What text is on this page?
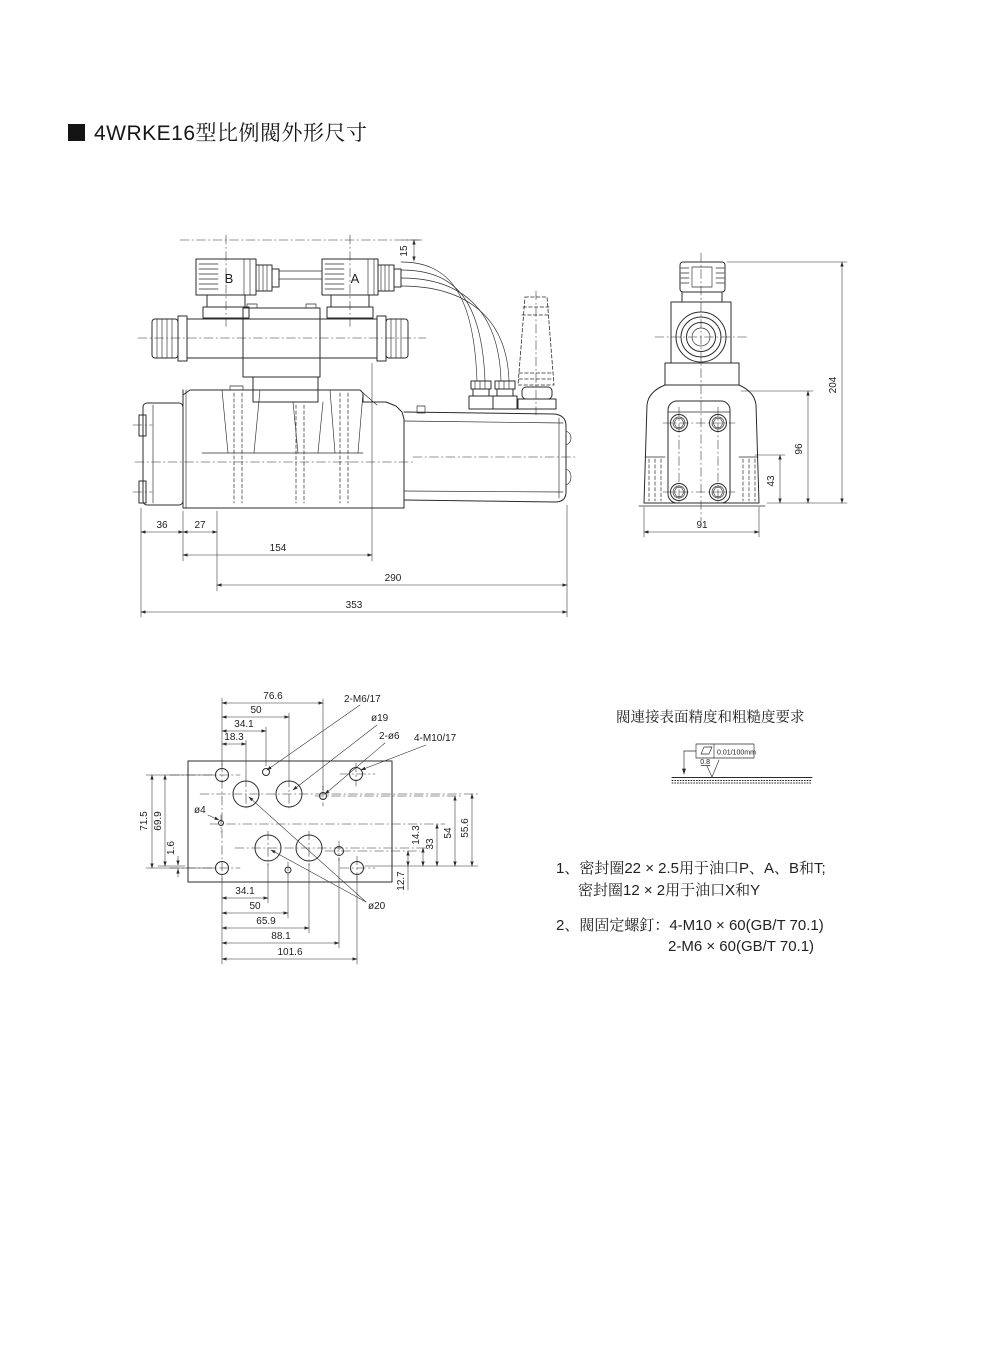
4WRKE16型比例閥外形尺寸
15
B	A
36	27
154
290
353
204
96
43
91
2-M6/17
ø19
2-ø6 4-M10/17
ø4
ø20
18.3
34.1
50
76.6
71.5 69.9
1.6
34.1
50
65.9
88.1
101.6
14.3 33
54 55.6
12.7
閥連接表面精度和粗糙度要求
0.01/100mm
0.8
1、密封圈22 × 2.5用于油口P、A、B和T;
密封圈12 × 2用于油口X和Y
2、閥固定螺釘：4-M10 × 60(GB/T 70.1)
2-M6 × 60(GB/T 70.1)
